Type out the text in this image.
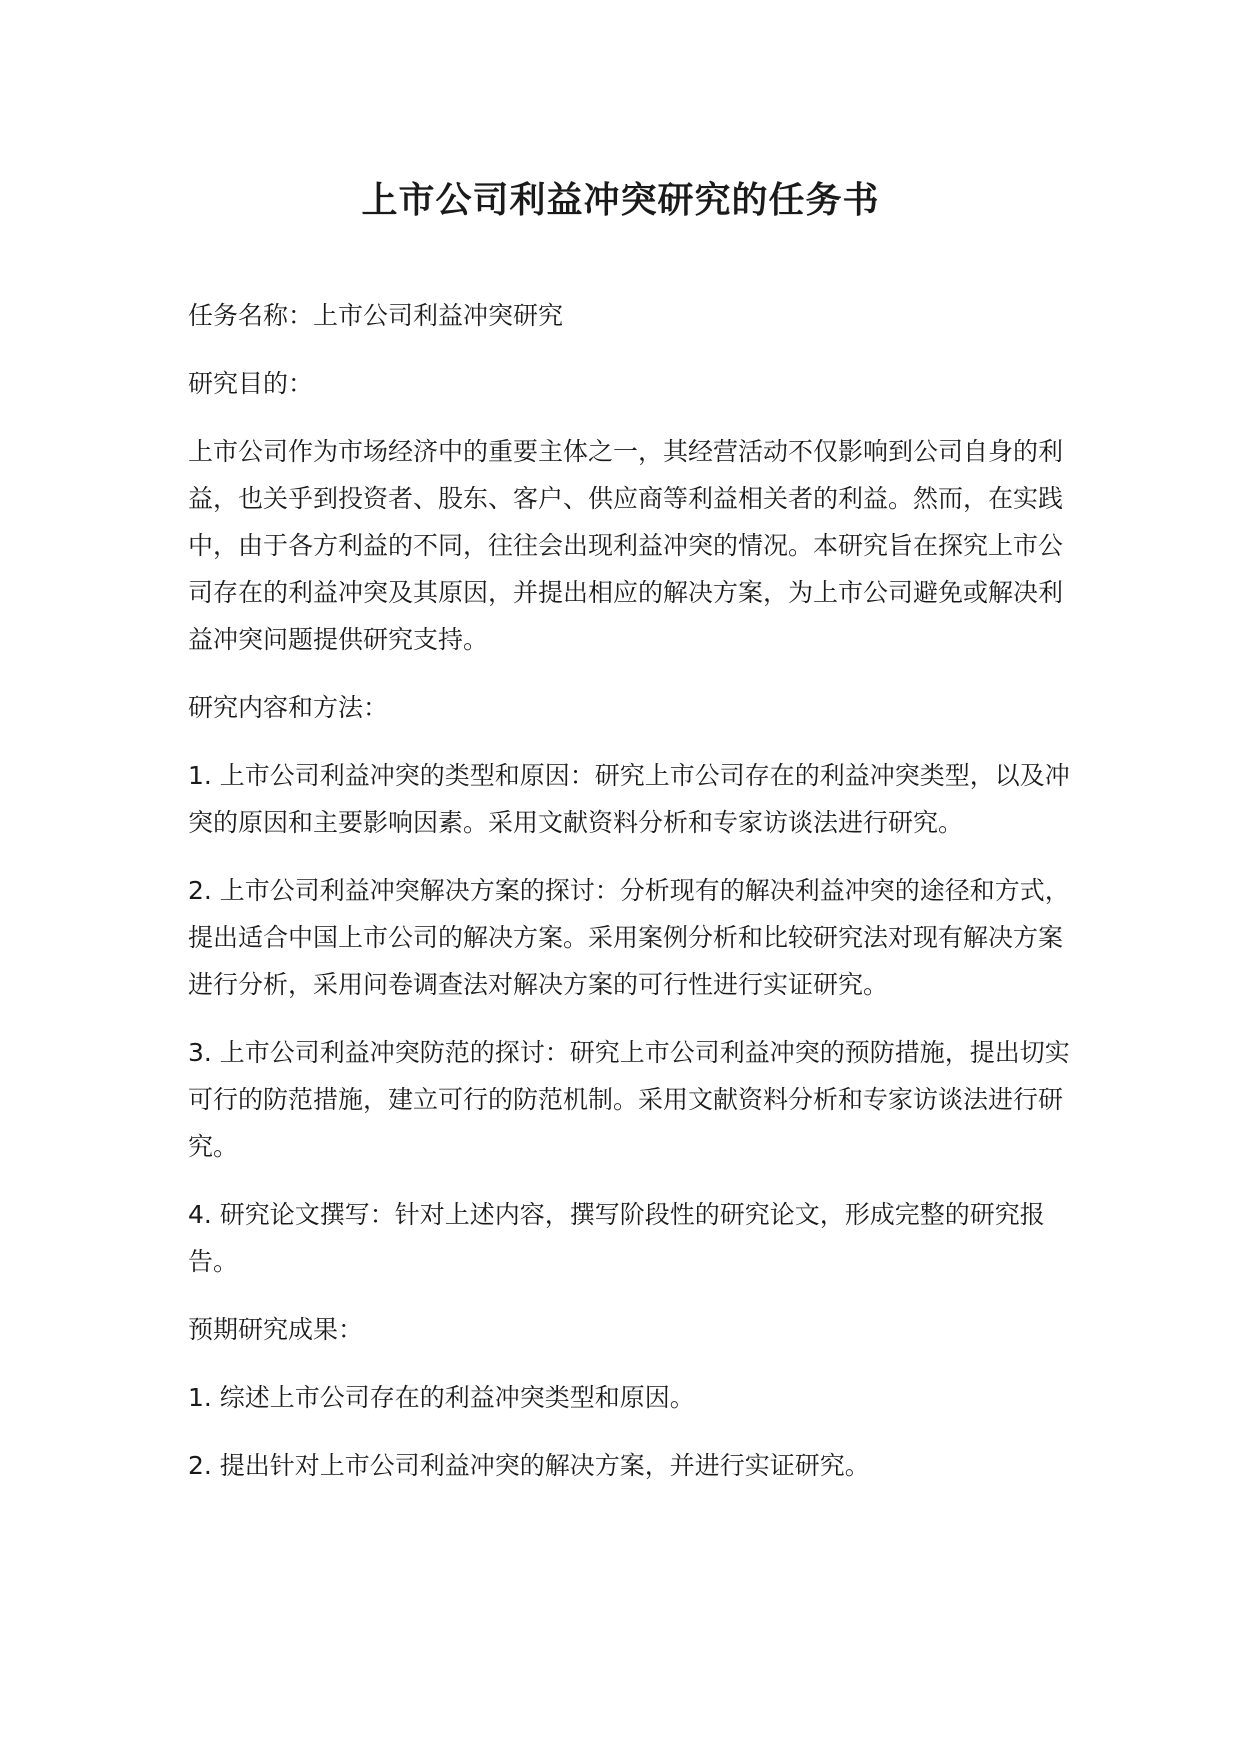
上市公司利益冲突研究的任务书

任务名称：上市公司利益冲突研究

研究目的：

上市公司作为市场经济中的重要主体之一，其经营活动不仅影响到公司自身的利益，也关乎到投资者、股东、客户、供应商等利益相关者的利益。然而，在实践中，由于各方利益的不同，往往会出现利益冲突的情况。本研究旨在探究上市公司存在的利益冲突及其原因，并提出相应的解决方案，为上市公司避免或解决利益冲突问题提供研究支持。

研究内容和方法：

1. 上市公司利益冲突的类型和原因：研究上市公司存在的利益冲突类型，以及冲突的原因和主要影响因素。采用文献资料分析和专家访谈法进行研究。

2. 上市公司利益冲突解决方案的探讨：分析现有的解决利益冲突的途径和方式，提出适合中国上市公司的解决方案。采用案例分析和比较研究法对现有解决方案进行分析，采用问卷调查法对解决方案的可行性进行实证研究。

3. 上市公司利益冲突防范的探讨：研究上市公司利益冲突的预防措施，提出切实可行的防范措施，建立可行的防范机制。采用文献资料分析和专家访谈法进行研究。

4. 研究论文撰写：针对上述内容，撰写阶段性的研究论文，形成完整的研究报告。

预期研究成果：

1. 综述上市公司存在的利益冲突类型和原因。

2. 提出针对上市公司利益冲突的解决方案，并进行实证研究。
